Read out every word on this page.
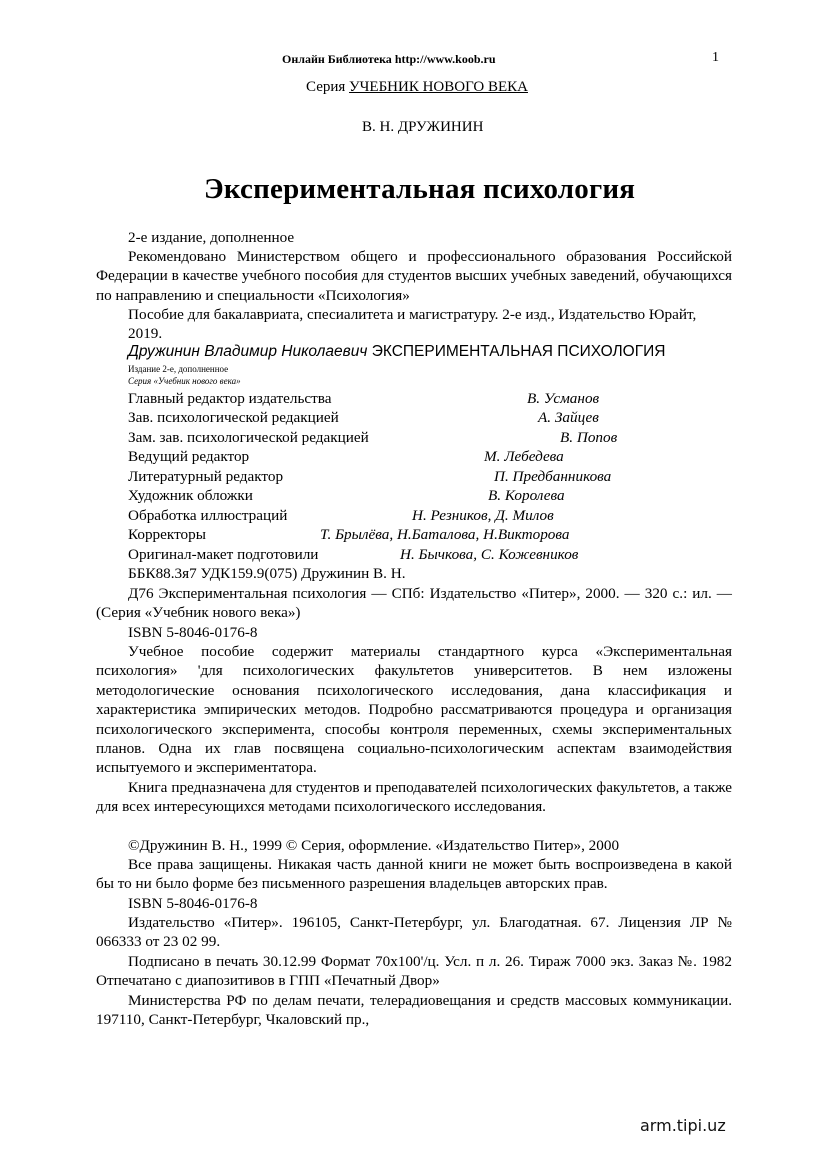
Онлайн Библиотека http://www.koob.ru	1
Серия УЧЕБНИК НОВОГО ВЕКА
В. Н. ДРУЖИНИН
Экспериментальная психология
2-е издание, дополненное
Рекомендовано Министерством общего и профессионального образования Российской Федерации в качестве учебного пособия для студентов высших учебных заведений, обучающихся по направлению и специальности «Психология»
Пособие для бакалавриата, спесиалитета и магистратуру. 2-е изд., Издательство Юрайт, 2019.
Дружинин Владимир Николаевич ЭКСПЕРИМЕНТАЛЬНАЯ ПСИХОЛОГИЯ
Издание 2-е, дополненное
Серия «Учебник нового века»
Главный редактор издательства	В. Усманов
Зав. психологической редакцией	А. Зайцев
Зам. зав. психологической редакцией	В. Попов
Ведущий редактор	М. Лебедева
Литературный редактор	П. Предбанникова
Художник обложки	В. Королева
Обработка иллюстраций	Н. Резников, Д. Милов
Корректоры	Т. Брылёва, Н.Баталова, Н.Викторова
Оригинал-макет подготовили	Н. Бычкова, С. Кожевников
ББК88.3я7 УДК159.9(075) Дружинин В. Н.
Д76 Экспериментальная психология — СПб: Издательство «Питер», 2000. — 320 с.: ил. — (Серия «Учебник нового века»)
ISBN 5-8046-0176-8
Учебное пособие содержит материалы стандартного курса «Экспериментальная психология» 'для психологических факультетов университетов. В нем изложены методологические основания психологического исследования, дана классификация и характеристика эмпирических методов. Подробно рассматриваются процедура и организация психологического эксперимента, способы контроля переменных, схемы экспериментальных планов. Одна их глав посвящена социально-психологическим аспектам взаимодействия испытуемого и экспериментатора.
Книга предназначена для студентов и преподавателей психологических факультетов, а также для всех интересующихся методами психологического исследования.
©Дружинин В. Н., 1999 © Серия, оформление. «Издательство Питер», 2000
Все права защищены. Никакая часть данной книги не может быть воспроизведена в какой бы то ни было форме без письменного разрешения владельцев авторских прав.
ISBN 5-8046-0176-8
Издательство «Питер». 196105, Санкт-Петербург, ул. Благодатная. 67. Лицензия ЛР № 066333 от 23 02 99.
Подписано в печать 30.12.99 Формат 70х100'/ц. Усл. п л. 26. Тираж 7000 экз. Заказ №. 1982 Отпечатано с диапозитивов в ГПП «Печатный Двор»
Министерства РФ по делам печати, телерадиовещания и средств массовых коммуникации. 197110, Санкт-Петербург, Чкаловский пр.,
arm.tipi.uz
